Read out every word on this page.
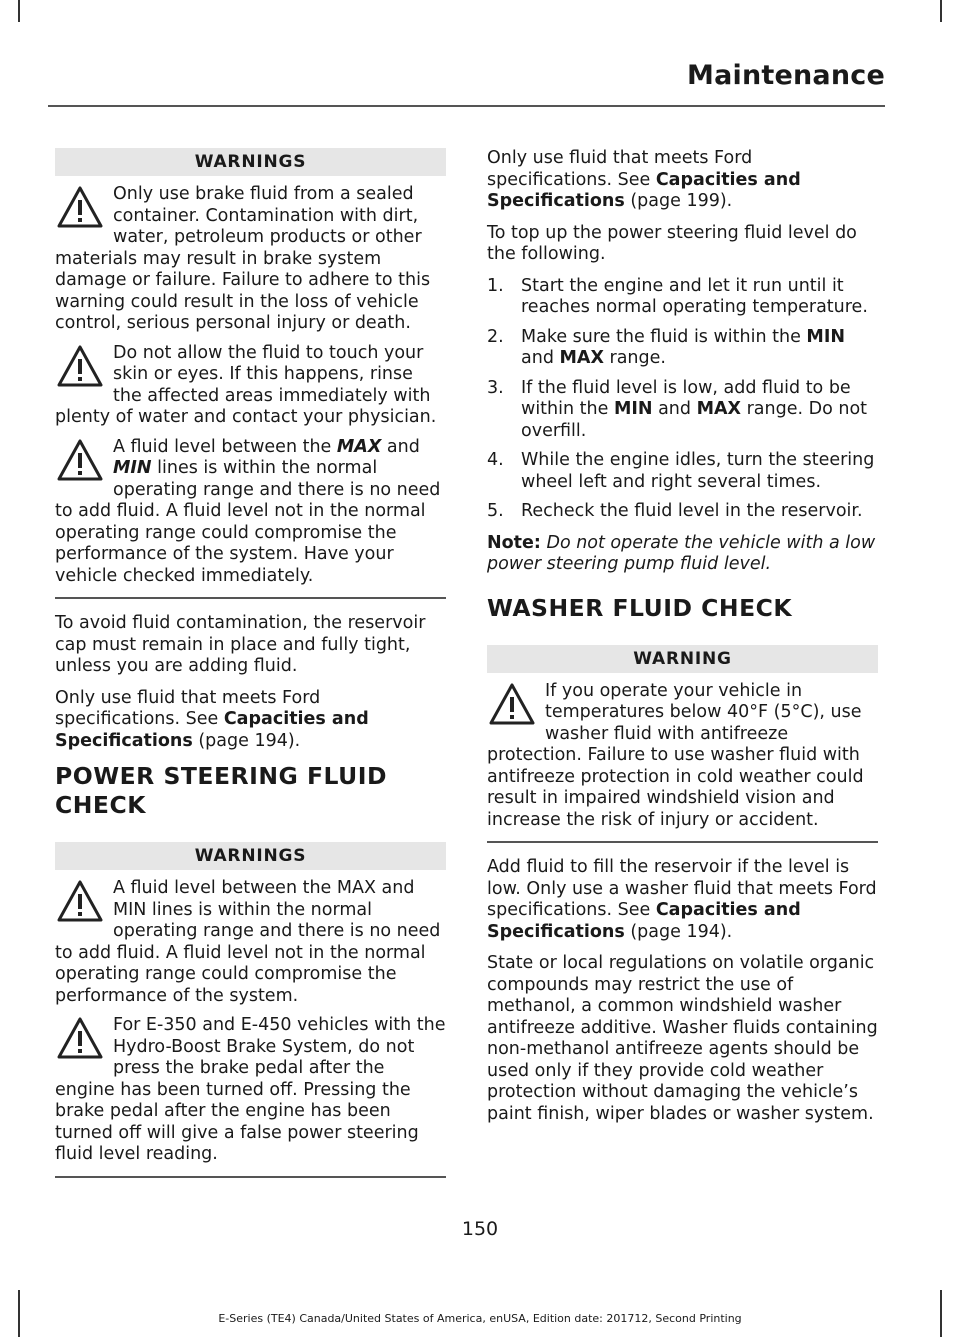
Maintenance
WARNINGS
Only use brake fluid from a sealed container. Contamination with dirt, water, petroleum products or other materials may result in brake system damage or failure. Failure to adhere to this warning could result in the loss of vehicle control, serious personal injury or death.
Do not allow the fluid to touch your skin or eyes. If this happens, rinse the affected areas immediately with plenty of water and contact your physician.
A fluid level between the MAX and MIN lines is within the normal operating range and there is no need to add fluid. A fluid level not in the normal operating range could compromise the performance of the system. Have your vehicle checked immediately.

To avoid fluid contamination, the reservoir cap must remain in place and fully tight, unless you are adding fluid.

Only use fluid that meets Ford specifications. See Capacities and Specifications (page 194).

POWER STEERING FLUID
CHECK
WARNINGS
A fluid level between the MAX and MIN lines is within the normal operating range and there is no need to add fluid. A fluid level not in the normal operating range could compromise the performance of the system.
For E-350 and E-450 vehicles with the Hydro-Boost Brake System, do not press the brake pedal after the engine has been turned off. Pressing the brake pedal after the engine has been turned off will give a false power steering fluid level reading.

Only use fluid that meets Ford specifications. See Capacities and Specifications (page 199).

To top up the power steering fluid level do the following.

1. Start the engine and let it run until it reaches normal operating temperature.
2. Make sure the fluid is within the MIN and MAX range.
3. If the fluid level is low, add fluid to be within the MIN and MAX range. Do not overfill.
4. While the engine idles, turn the steering wheel left and right several times.
5. Recheck the fluid level in the reservoir.

Note: Do not operate the vehicle with a low power steering pump fluid level.

WASHER FLUID CHECK
WARNING
If you operate your vehicle in temperatures below 40°F (5°C), use washer fluid with antifreeze protection. Failure to use washer fluid with antifreeze protection in cold weather could result in impaired windshield vision and increase the risk of injury or accident.

Add fluid to fill the reservoir if the level is low. Only use a washer fluid that meets Ford specifications. See Capacities and Specifications (page 194).

State or local regulations on volatile organic compounds may restrict the use of methanol, a common windshield washer antifreeze additive. Washer fluids containing non-methanol antifreeze agents should be used only if they provide cold weather protection without damaging the vehicle’s paint finish, wiper blades or washer system.

150
E-Series (TE4) Canada/United States of America, enUSA, Edition date: 201712, Second Printing
